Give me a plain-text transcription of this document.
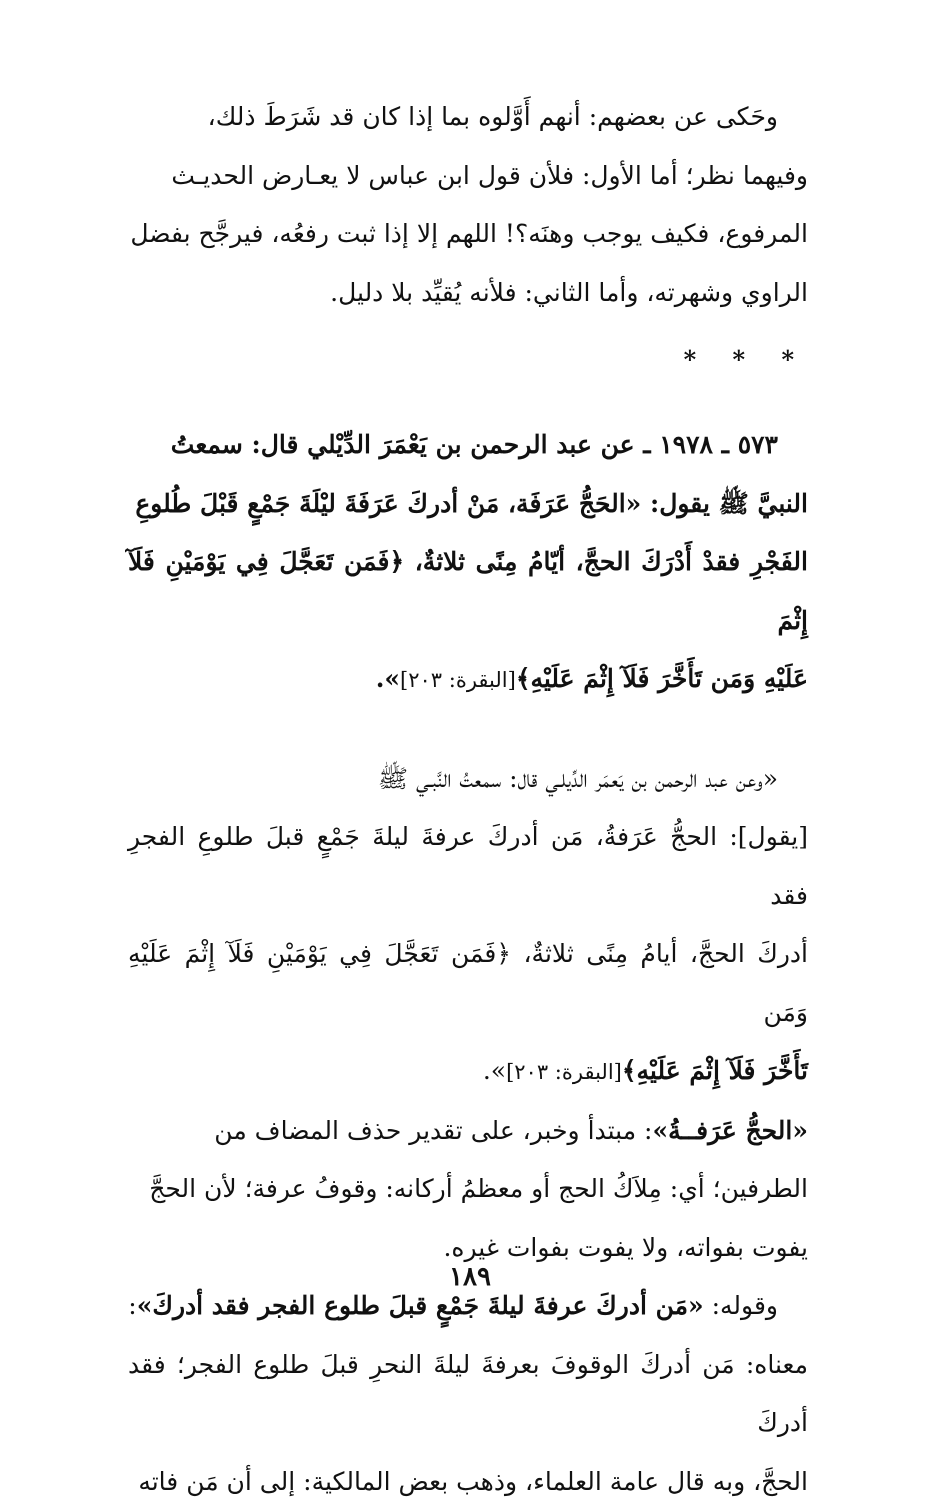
وحَكى عن بعضهم: أنهم أَوَّلوه بما إذا كان قد شَرَطَ ذلك،

وفيهما نظر؛ أما الأول: فلأن قول ابن عباس لا يعـارض الحديـث

المرفوع، فكيف يوجب وهنَه؟! اللهم إلا إذا ثبت رفعُه، فيرجَّح بفضل

الراوي وشهرته، وأما الثاني: فلأنه يُقيِّد بلا دليل.

* * *

٥٧٣ ـ ١٩٧٨ ـ عن عبد الرحمن بن يَعْمَرَ الدِّيْلي قال: سمعتُ

النبيَّ ﷺ يقول: «الحَجُّ عَرَفَة، مَنْ أدركَ عَرَفَةَ ليْلَةَ جَمْعٍ قَبْلَ طُلوعِ

الفَجْرِ فقدْ أَدْرَكَ الحجَّ، أيّامُ مِنًى ثلاثةٌ، ﴿فَمَن تَعَجَّلَ فِي يَوْمَيْنِ فَلَآ إِثْمَ

عَلَيْهِ وَمَن تَأَخَّرَ فَلَآ إِثْمَ عَلَيْهِ﴾[البقرة: ٢٠٣]».

«وعن عبد الرحمن بن يَعمَر الدِّيلـي قال: سمعتُ النَّبـي ﷺ

[يقول]: الحجُّ عَرَفةُ، مَن أدركَ عرفةَ ليلةَ جَمْعٍ قبلَ طلوعِ الفجرِ فقد

أدركَ الحجَّ، أيامُ مِنًى ثلاثةٌ، ﴿فَمَن تَعَجَّلَ فِي يَوْمَيْنِ فَلَآ إِثْمَ عَلَيْهِ وَمَن

تَأَخَّرَ فَلَآ إِثْمَ عَلَيْهِ﴾[البقرة: ٢٠٣]».

«الحجُّ عَرَفــةُ»: مبتدأ وخبر، على تقدير حذف المضاف من

الطرفين؛ أي: مِلاَكُ الحج أو معظمُ أركانه: وقوفُ عرفة؛ لأن الحجَّ

يفوت بفواته، ولا يفوت بفوات غيره.

وقوله: «مَن أدركَ عرفةَ ليلةَ جَمْعٍ قبلَ طلوع الفجر فقد أدركَ»:

معناه: مَن أدركَ الوقوفَ بعرفةَ ليلةَ النحرِ قبلَ طلوع الفجر؛ فقد أدركَ

الحجَّ، وبه قال عامة العلماء، وذهب بعض المالكية: إلى أن مَن فاته

١٨٩
